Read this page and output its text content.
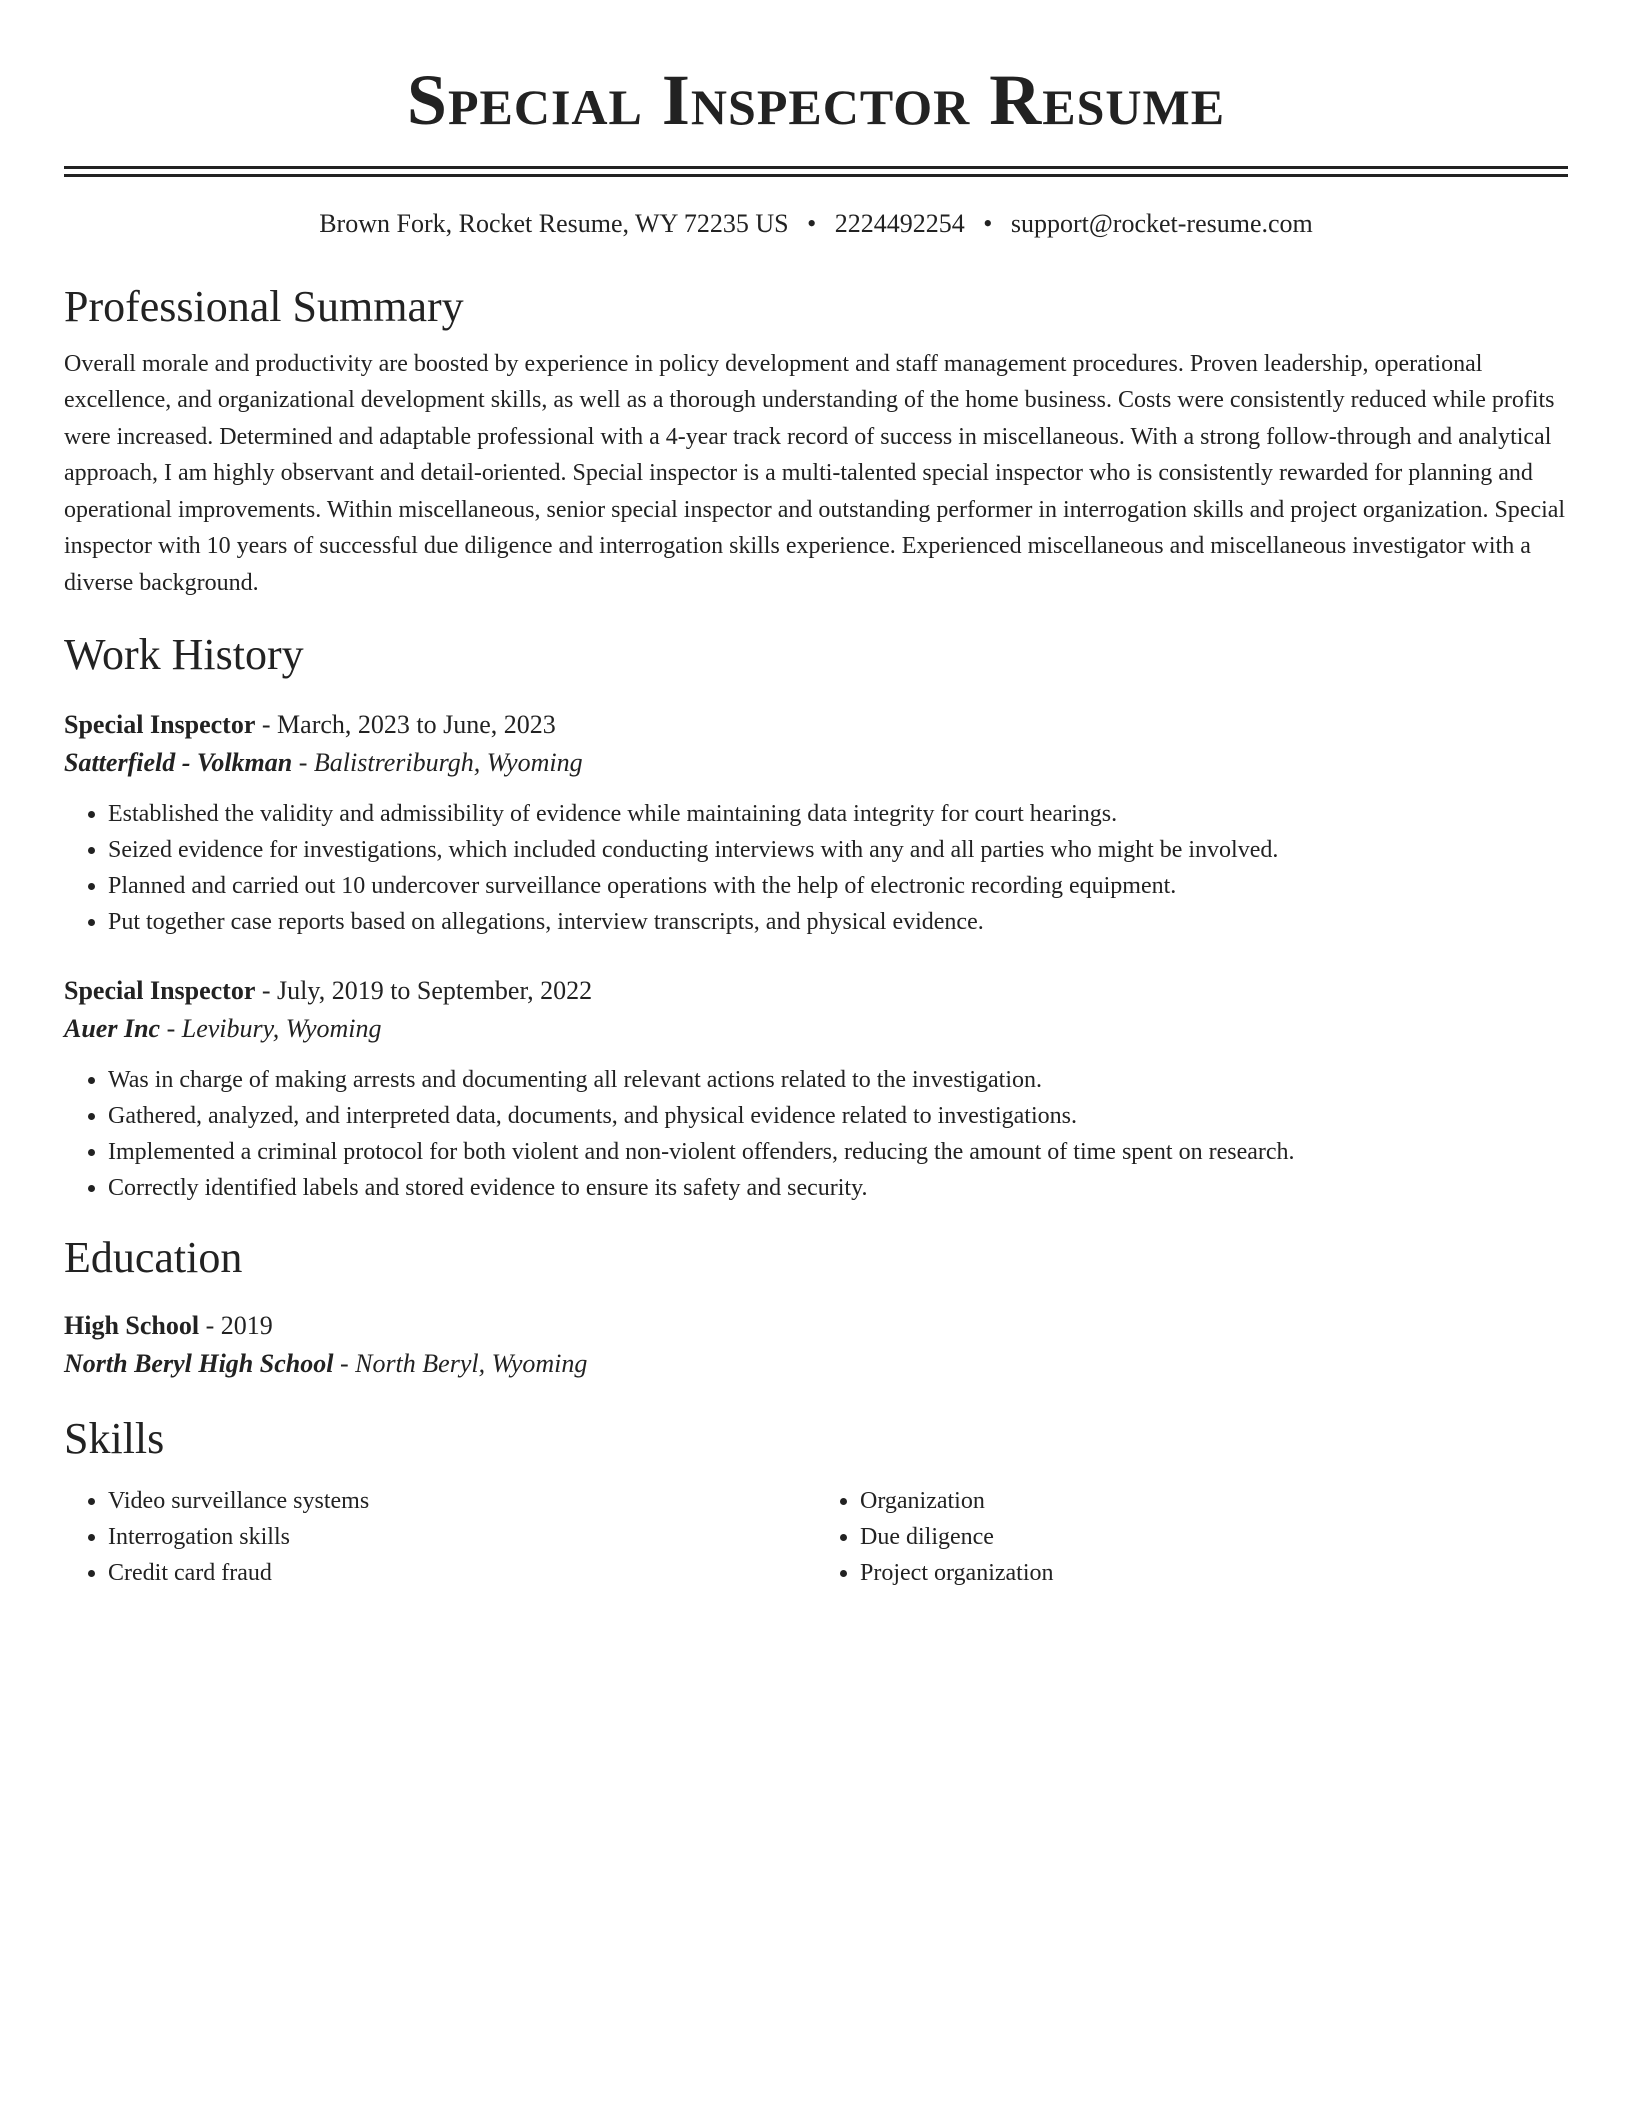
Special Inspector Resume
Brown Fork, Rocket Resume, WY 72235 US • 2224492254 • support@rocket-resume.com
Professional Summary
Overall morale and productivity are boosted by experience in policy development and staff management procedures. Proven leadership, operational excellence, and organizational development skills, as well as a thorough understanding of the home business. Costs were consistently reduced while profits were increased. Determined and adaptable professional with a 4-year track record of success in miscellaneous. With a strong follow-through and analytical approach, I am highly observant and detail-oriented. Special inspector is a multi-talented special inspector who is consistently rewarded for planning and operational improvements. Within miscellaneous, senior special inspector and outstanding performer in interrogation skills and project organization. Special inspector with 10 years of successful due diligence and interrogation skills experience. Experienced miscellaneous and miscellaneous investigator with a diverse background.
Work History
Special Inspector - March, 2023 to June, 2023
Satterfield - Volkman - Balistreriburgh, Wyoming
• Established the validity and admissibility of evidence while maintaining data integrity for court hearings.
• Seized evidence for investigations, which included conducting interviews with any and all parties who might be involved.
• Planned and carried out 10 undercover surveillance operations with the help of electronic recording equipment.
• Put together case reports based on allegations, interview transcripts, and physical evidence.
Special Inspector - July, 2019 to September, 2022
Auer Inc - Levibury, Wyoming
• Was in charge of making arrests and documenting all relevant actions related to the investigation.
• Gathered, analyzed, and interpreted data, documents, and physical evidence related to investigations.
• Implemented a criminal protocol for both violent and non-violent offenders, reducing the amount of time spent on research.
• Correctly identified labels and stored evidence to ensure its safety and security.
Education
High School - 2019
North Beryl High School - North Beryl, Wyoming
Skills
• Video surveillance systems
• Interrogation skills
• Credit card fraud
• Organization
• Due diligence
• Project organization
